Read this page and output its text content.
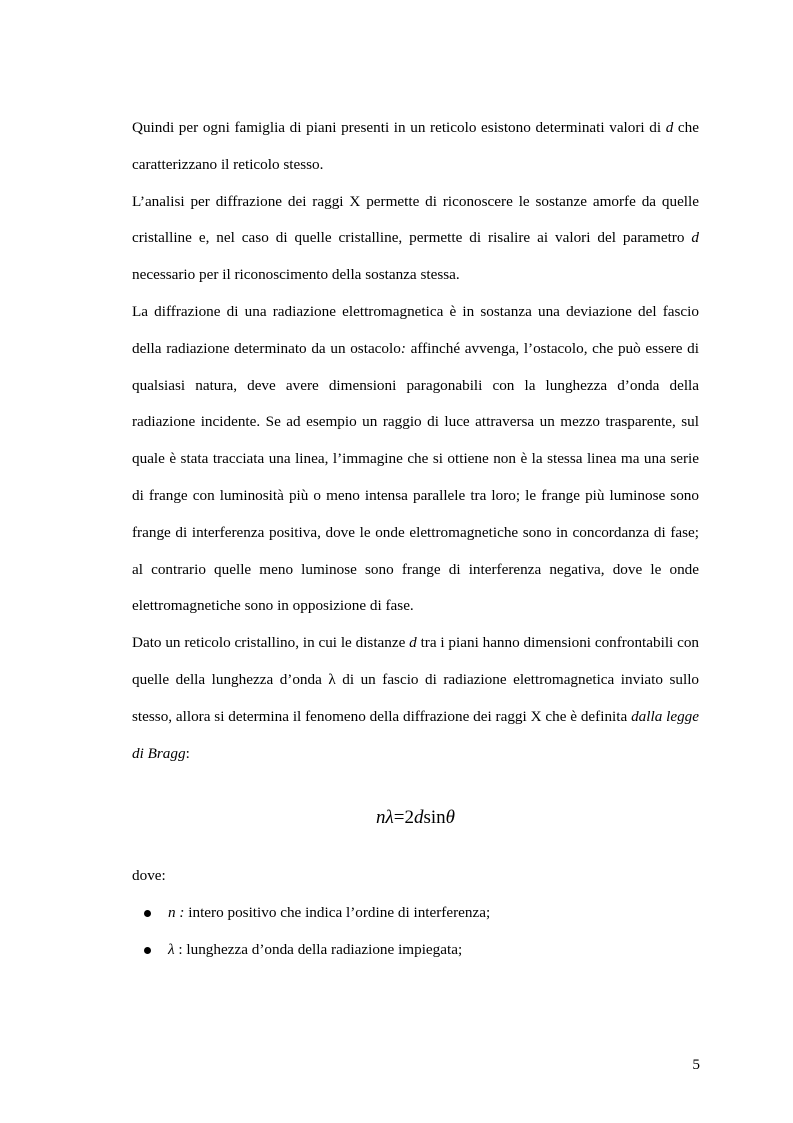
Quindi per ogni famiglia di piani presenti in un reticolo esistono determinati valori di d che caratterizzano il reticolo stesso.

L’analisi per diffrazione dei raggi X permette di riconoscere le sostanze amorfe da quelle cristalline e, nel caso di quelle cristalline, permette di risalire ai valori del parametro d necessario per il riconoscimento della sostanza stessa.

La diffrazione di una radiazione elettromagnetica è in sostanza una deviazione del fascio della radiazione determinato da un ostacolo: affinché avvenga, l’ostacolo, che può essere di qualsiasi natura, deve avere dimensioni paragonabili con la lunghezza d’onda della radiazione incidente. Se ad esempio un raggio di luce attraversa un mezzo trasparente, sul quale è stata tracciata una linea, l’immagine che si ottiene non è la stessa linea ma una serie di frange con luminosità più o meno intensa parallele tra loro; le frange più luminose sono frange di interferenza positiva, dove le onde elettromagnetiche sono in concordanza di fase; al contrario quelle meno luminose sono frange di interferenza negativa, dove le onde elettromagnetiche sono in opposizione di fase.

Dato un reticolo cristallino, in cui le distanze d tra i piani hanno dimensioni confrontabili con quelle della lunghezza d’onda λ di un fascio di radiazione elettromagnetica inviato sullo stesso, allora si determina il fenomeno della diffrazione dei raggi X che è definita dalla legge di Bragg:

nλ=2dsinθ

dove:

n : intero positivo che indica l’ordine di interferenza;
λ : lunghezza d’onda della radiazione impiegata;
5
